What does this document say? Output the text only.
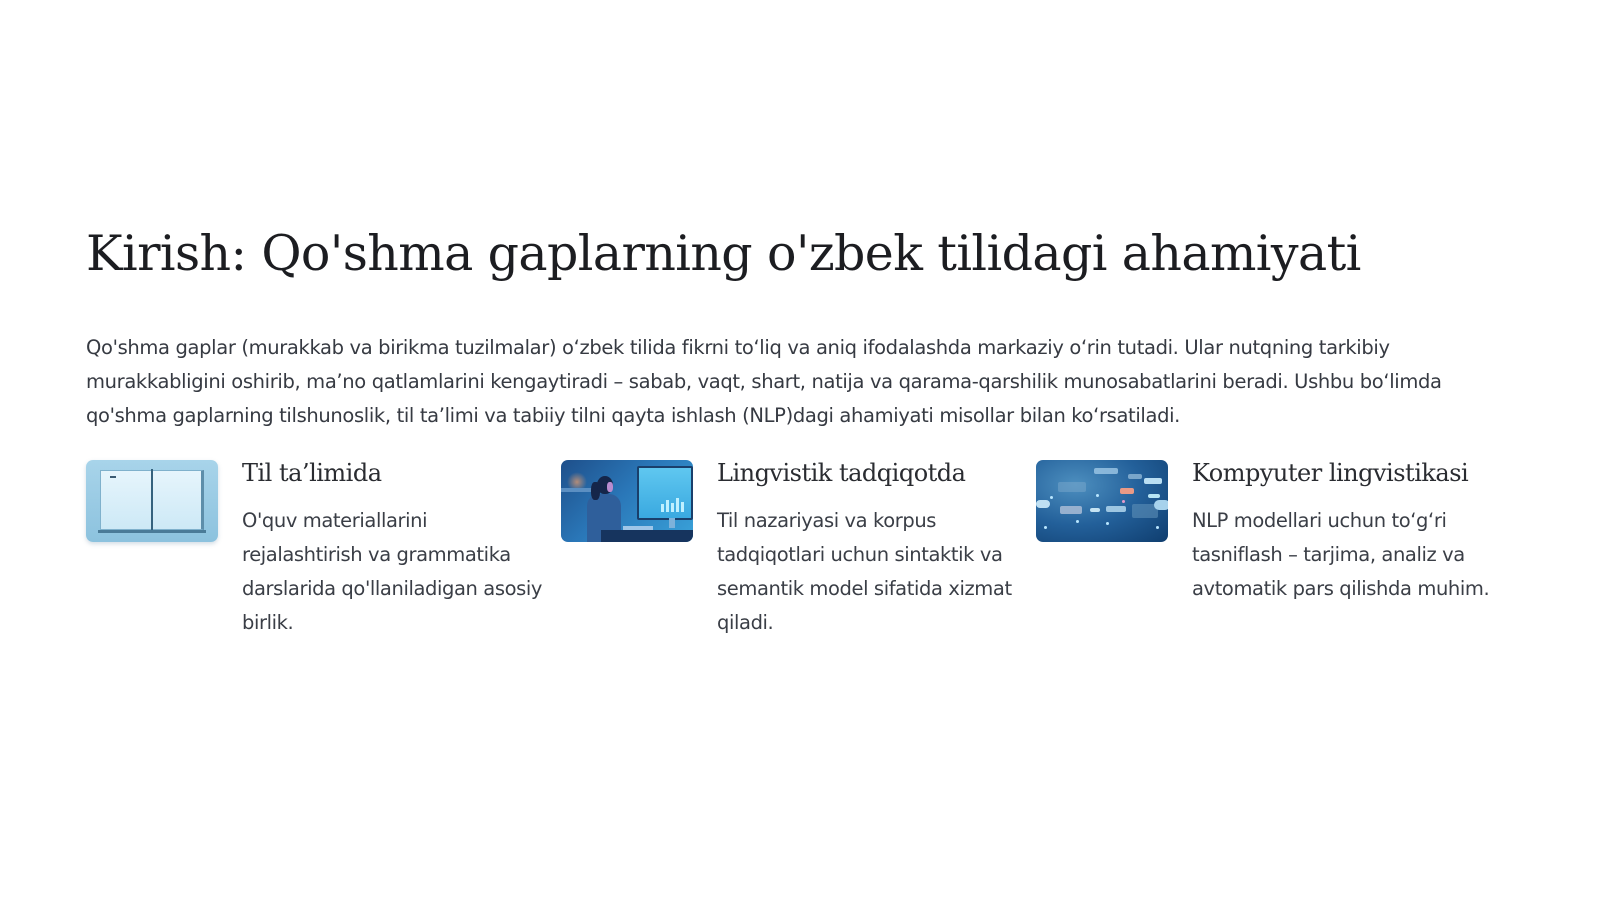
Kirish: Qo'shma gaplarning o'zbek tilidagi ahamiyati

Qo'shma gaplar (murakkab va birikma tuzilmalar) o‘zbek tilida fikrni to‘liq va aniq ifodalashda markaziy o‘rin tutadi. Ular nutqning tarkibiy murakkabligini oshirib, ma’no qatlamlarini kengaytiradi – sabab, vaqt, shart, natija va qarama-qarshilik munosabatlarini beradi. Ushbu bo‘limda qo'shma gaplarning tilshunoslik, til ta’limi va tabiiy tilni qayta ishlash (NLP)dagi ahamiyati misollar bilan ko‘rsatiladi.

Til ta’limida
O'quv materiallarini rejalashtirish va grammatika darslarida qo'llaniladigan asosiy birlik.
Lingvistik tadqiqotda
Til nazariyasi va korpus tadqiqotlari uchun sintaktik va semantik model sifatida xizmat qiladi.
Kompyuter lingvistikasi
NLP modellari uchun to‘g‘ri tasniflash – tarjima, analiz va avtomatik pars qilishda muhim.
